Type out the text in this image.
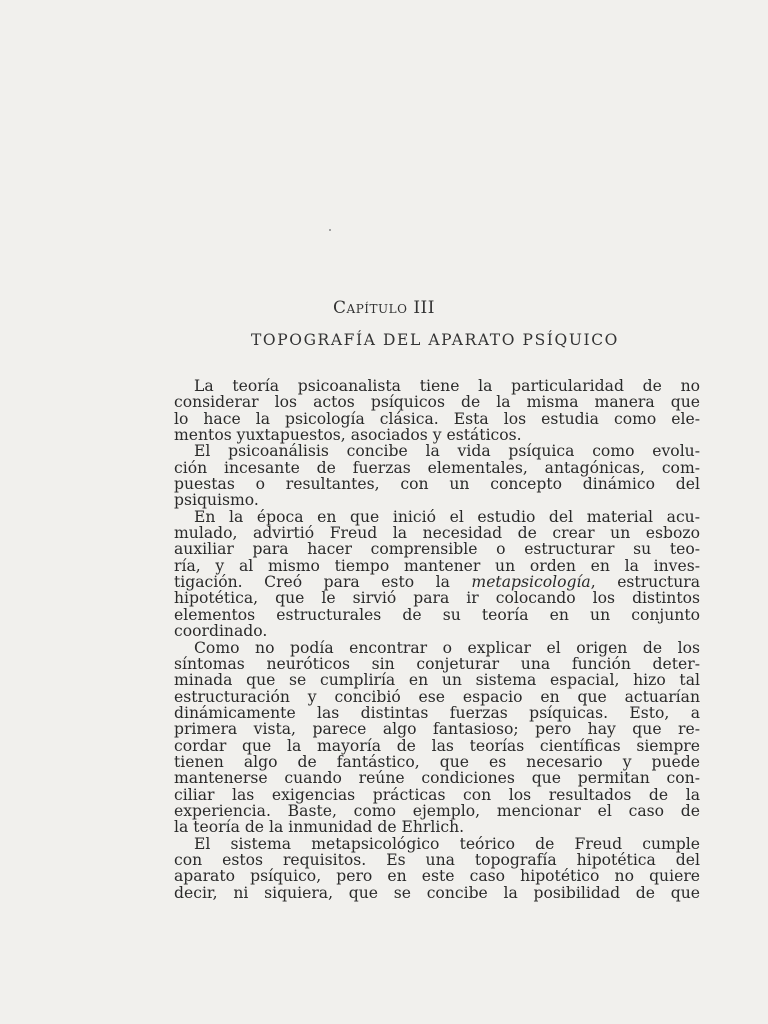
Capítulo III
TOPOGRAFÍA DEL APARATO PSÍQUICO
La teoría psicoanalista tiene la particularidad de no
considerar los actos psíquicos de la misma manera que
lo hace la psicología clásica. Esta los estudia como ele-
mentos yuxtapuestos, asociados y estáticos.
El psicoanálisis concibe la vida psíquica como evolu-
ción incesante de fuerzas elementales, antagónicas, com-
puestas o resultantes, con un concepto dinámico del
psiquismo.
En la época en que inició el estudio del material acu-
mulado, advirtió Freud la necesidad de crear un esbozo
auxiliar para hacer comprensible o estructurar su teo-
ría, y al mismo tiempo mantener un orden en la inves-
tigación. Creó para esto la metapsicología, estructura
hipotética, que le sirvió para ir colocando los distintos
elementos estructurales de su teoría en un conjunto
coordinado.
Como no podía encontrar o explicar el origen de los
síntomas neuróticos sin conjeturar una función deter-
minada que se cumpliría en un sistema espacial, hizo tal
estructuración y concibió ese espacio en que actuarían
dinámicamente las distintas fuerzas psíquicas. Esto, a
primera vista, parece algo fantasioso; pero hay que re-
cordar que la mayoría de las teorías científicas siempre
tienen algo de fantástico, que es necesario y puede
mantenerse cuando reúne condiciones que permitan con-
ciliar las exigencias prácticas con los resultados de la
experiencia. Baste, como ejemplo, mencionar el caso de
la teoría de la inmunidad de Ehrlich.
El sistema metapsicológico teórico de Freud cumple
con estos requisitos. Es una topografía hipotética del
aparato psíquico, pero en este caso hipotético no quiere
decir, ni siquiera, que se concibe la posibilidad de que
